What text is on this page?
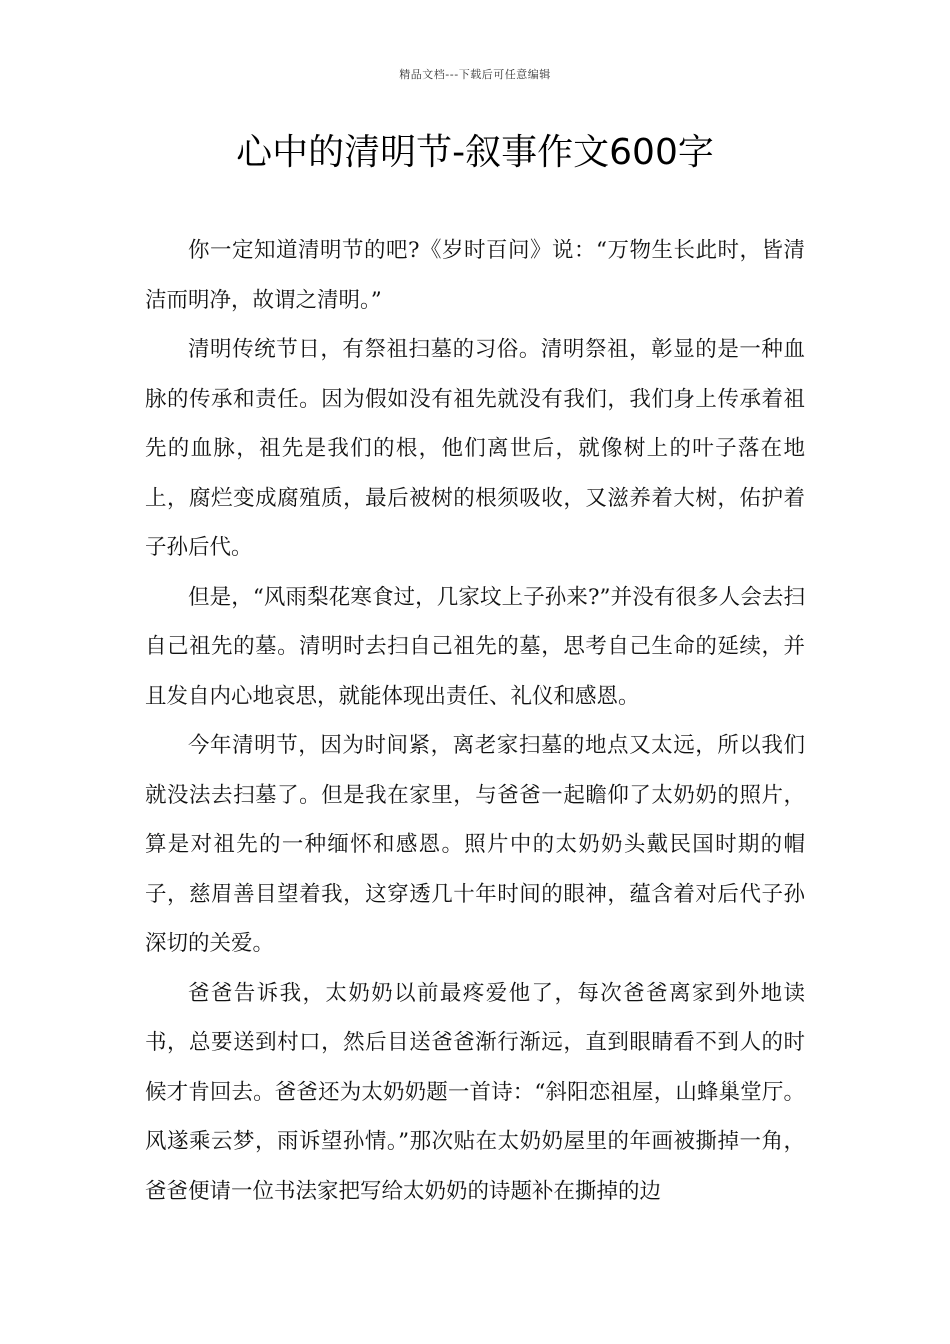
精品文档---下载后可任意编辑
心中的清明节-叙事作文600字

你一定知道清明节的吧?《岁时百问》说：“万物生长此时，皆清洁而明净，故谓之清明。”

清明传统节日，有祭祖扫墓的习俗。清明祭祖，彰显的是一种血脉的传承和责任。因为假如没有祖先就没有我们，我们身上传承着祖先的血脉，祖先是我们的根，他们离世后，就像树上的叶子落在地上，腐烂变成腐殖质，最后被树的根须吸收，又滋养着大树，佑护着子孙后代。

但是，“风雨梨花寒食过，几家坟上子孙来?”并没有很多人会去扫自己祖先的墓。清明时去扫自己祖先的墓，思考自己生命的延续，并且发自内心地哀思，就能体现出责任、礼仪和感恩。

今年清明节，因为时间紧，离老家扫墓的地点又太远，所以我们就没法去扫墓了。但是我在家里，与爸爸一起瞻仰了太奶奶的照片，算是对祖先的一种缅怀和感恩。照片中的太奶奶头戴民国时期的帽子，慈眉善目望着我，这穿透几十年时间的眼神，蕴含着对后代子孙深切的关爱。

爸爸告诉我，太奶奶以前最疼爱他了，每次爸爸离家到外地读书，总要送到村口，然后目送爸爸渐行渐远，直到眼睛看不到人的时候才肯回去。爸爸还为太奶奶题一首诗：“斜阳恋祖屋，山蜂巢堂厅。风遂乘云梦，雨诉望孙情。”那次贴在太奶奶屋里的年画被撕掉一角，爸爸便请一位书法家把写给太奶奶的诗题补在撕掉的边
